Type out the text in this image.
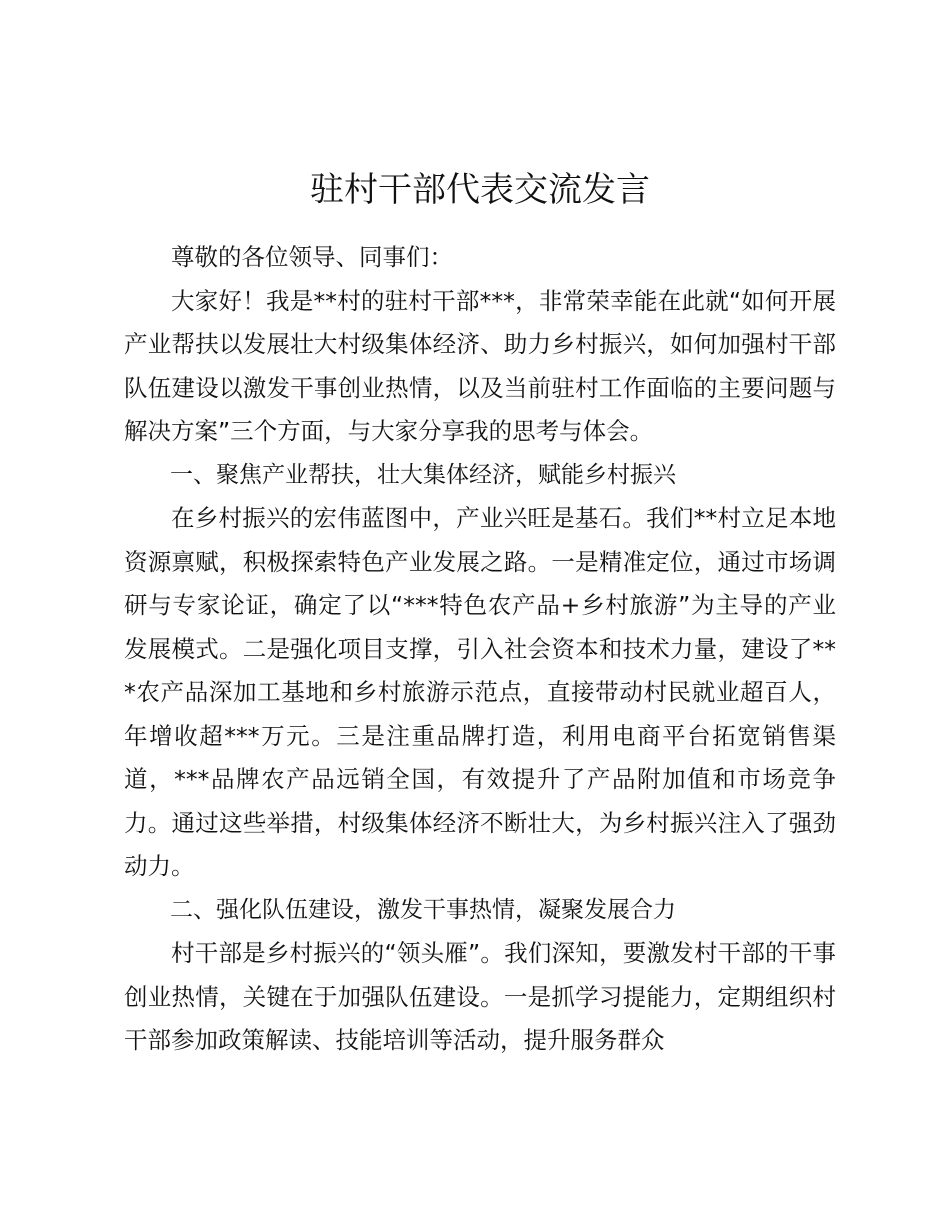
驻村干部代表交流发言

尊敬的各位领导、同事们：

大家好！我是**村的驻村干部***，非常荣幸能在此就“如何开展产业帮扶以发展壮大村级集体经济、助力乡村振兴，如何加强村干部队伍建设以激发干事创业热情，以及当前驻村工作面临的主要问题与解决方案”三个方面，与大家分享我的思考与体会。

一、聚焦产业帮扶，壮大集体经济，赋能乡村振兴

在乡村振兴的宏伟蓝图中，产业兴旺是基石。我们**村立足本地资源禀赋，积极探索特色产业发展之路。一是精准定位，通过市场调研与专家论证，确定了以“***特色农产品+乡村旅游”为主导的产业发展模式。二是强化项目支撑，引入社会资本和技术力量，建设了***农产品深加工基地和乡村旅游示范点，直接带动村民就业超百人，年增收超***万元。三是注重品牌打造，利用电商平台拓宽销售渠道，***品牌农产品远销全国，有效提升了产品附加值和市场竞争力。通过这些举措，村级集体经济不断壮大，为乡村振兴注入了强劲动力。

二、强化队伍建设，激发干事热情，凝聚发展合力

村干部是乡村振兴的“领头雁”。我们深知，要激发村干部的干事创业热情，关键在于加强队伍建设。一是抓学习提能力，定期组织村干部参加政策解读、技能培训等活动，提升服务群众
